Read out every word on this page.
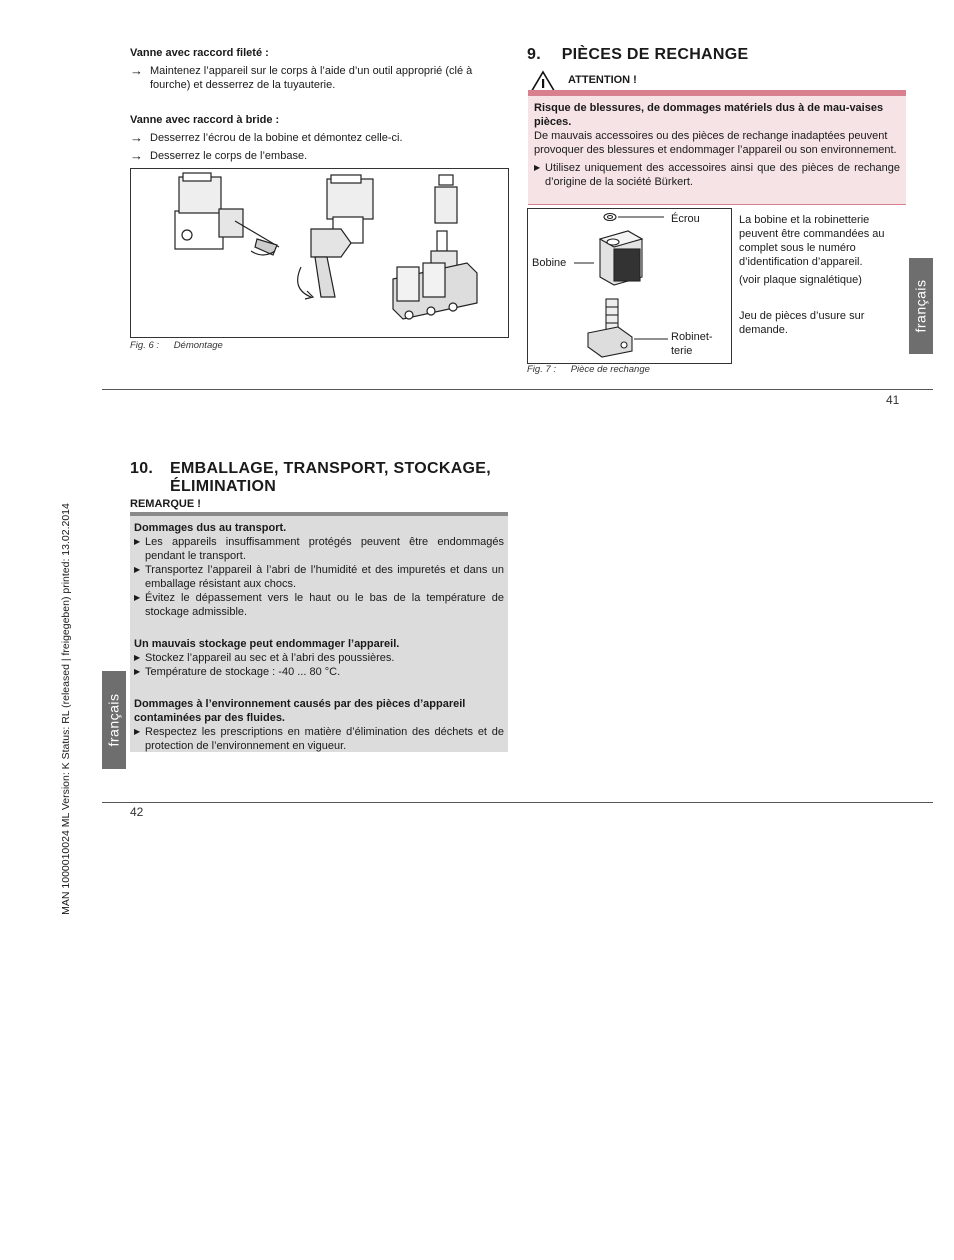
Vanne avec raccord fileté :
→ Maintenez l’appareil sur le corps à l’aide d’un outil approprié (clé à fourche) et desserrez de la tuyauterie.
Vanne avec raccord à bride :
→ Desserrez l’écrou de la bobine et démontez celle-ci.
→ Desserrez le corps de l’embase.
Fig. 6 : Démontage
9. PIÈCES DE RECHANGE
ATTENTION !
Risque de blessures, de dommages matériels dus à de mau-vaises pièces.
De mauvais accessoires ou des pièces de rechange inadaptées peuvent provoquer des blessures et endommager l’appareil ou son environnement.
▶ Utilisez uniquement des accessoires ainsi que des pièces de rechange d’origine de la société Bürkert.
Écrou
Bobine
Robinet-
terie
Fig. 7 : Pièce de rechange
La bobine et la robinetterie peuvent être commandées au complet sous le numéro d’identification d’appareil.
(voir plaque signalétique)
Jeu de pièces d’usure sur demande.	français
41
10.	EMBALLAGE, TRANSPORT, STOCKAGE,
ÉLIMINATION
REMARQUE !
Dommages dus au transport.
▶ Les appareils insuffisamment protégés peuvent être endommagés pendant le transport.
▶ Transportez l’appareil à l’abri de l’humidité et des impuretés et dans un emballage résistant aux chocs.
▶ Évitez le dépassement vers le haut ou le bas de la température de stockage admissible.
Un mauvais stockage peut endommager l’appareil.
▶ Stockez l’appareil au sec et à l’abri des poussières.
▶ Température de stockage : -40 ... 80 °C.
Dommages à l’environnement causés par des pièces d’appareil contaminées par des fluides.
▶ Respectez les prescriptions en matière d’élimination des déchets et de protection de l’environnement en vigueur.
français
42
MAN 1000010024 ML Version: K Status: RL (released | freigegeben) printed: 13.02.2014
